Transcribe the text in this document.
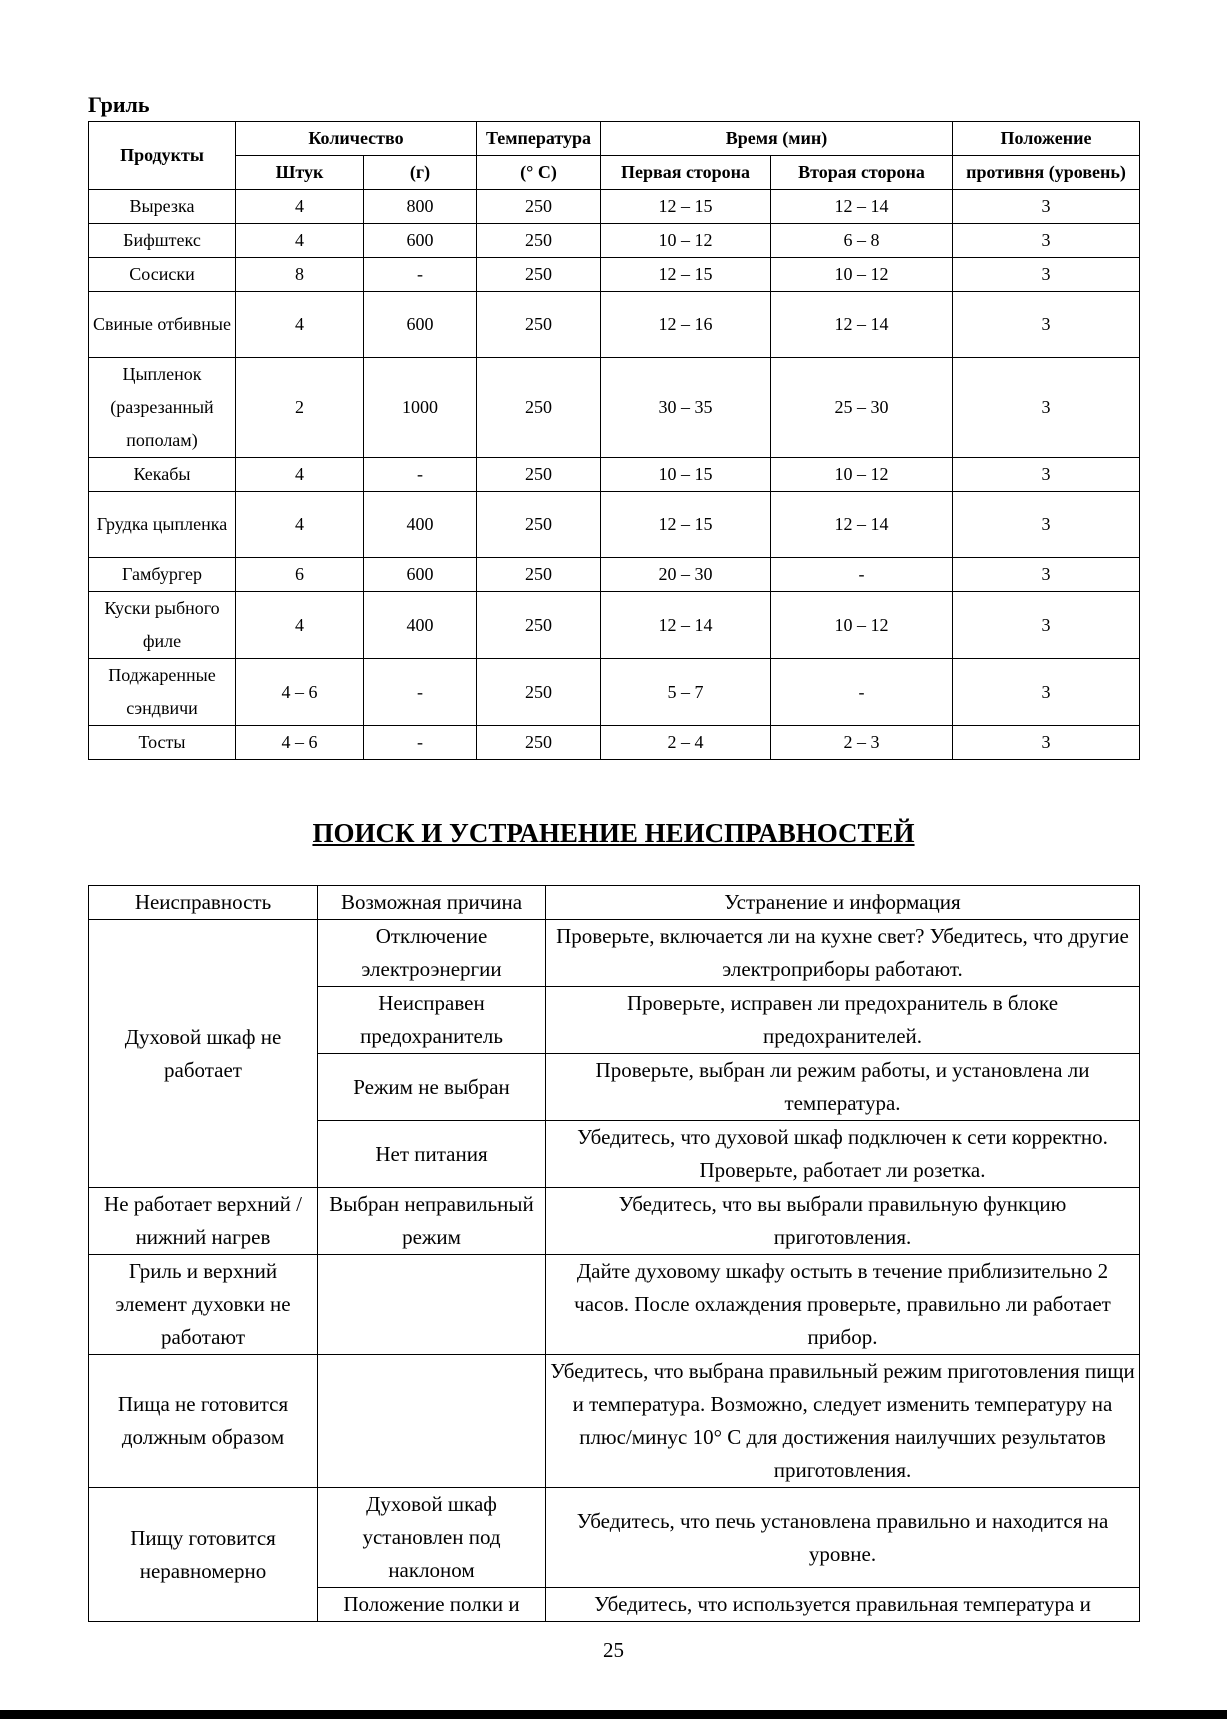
Гриль
Продукты	Количество		Температура	Время (мин)		Положение
	Штук	(г)	(° C)	Первая сторона	Вторая сторона	противня (уровень)
Вырезка	4	800	250	12 – 15	12 – 14	3
Бифштекс	4	600	250	10 – 12	6 – 8	3
Сосиски	8	-	250	12 – 15	10 – 12	3
Свиные отбивные	4	600	250	12 – 16	12 – 14	3
Цыпленок (разрезанный пополам)	2	1000	250	30 – 35	25 – 30	3
Кекабы	4	-	250	10 – 15	10 – 12	3
Грудка цыпленка	4	400	250	12 – 15	12 – 14	3
Гамбургер	6	600	250	20 – 30	-	3
Куски рыбного филе	4	400	250	12 – 14	10 – 12	3
Поджаренные сэндвичи	4 – 6	-	250	5 – 7	-	3
Тосты	4 – 6	-	250	2 – 4	2 – 3	3
ПОИСК И УСТРАНЕНИЕ НЕИСПРАВНОСТЕЙ
Неисправность	Возможная причина	Устранение и информация
Духовой шкаф не работает	Отключение электроэнергии	Проверьте, включается ли на кухне свет? Убедитесь, что другие электроприборы работают.
	Неисправен предохранитель	Проверьте, исправен ли предохранитель в блоке предохранителей.
	Режим не выбран	Проверьте, выбран ли режим работы, и установлена ли температура.
	Нет питания	Убедитесь, что духовой шкаф подключен к сети корректно. Проверьте, работает ли розетка.
Не работает верхний / нижний нагрев	Выбран неправильный режим	Убедитесь, что вы выбрали правильную функцию приготовления.
Гриль и верхний элемент духовки не работают		Дайте духовому шкафу остыть в течение приблизительно 2 часов. После охлаждения проверьте, правильно ли работает прибор.
Пища не готовится должным образом		Убедитесь, что выбрана правильный режим приготовления пищи и температура. Возможно, следует изменить температуру на плюс/минус 10° C для достижения наилучших результатов приготовления.
Пищу готовится неравномерно	Духовой шкаф установлен под наклоном	Убедитесь, что печь установлена правильно и находится на уровне.
	Положение полки и	Убедитесь, что используется правильная температура и
25
